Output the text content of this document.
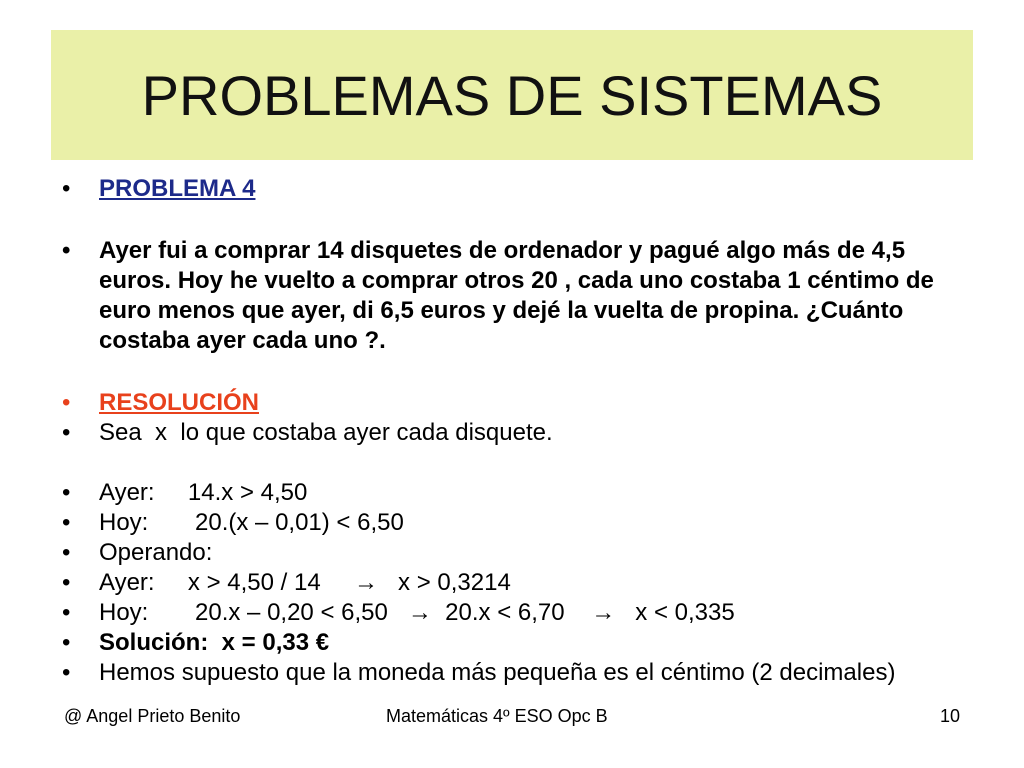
PROBLEMAS DE SISTEMAS
• PROBLEMA 4
• Ayer fui a comprar 14 disquetes de ordenador y pagué algo más de 4,5 euros. Hoy he vuelto a comprar otros 20 , cada uno costaba 1 céntimo de euro menos que ayer, di 6,5 euros y dejé la vuelta de propina. ¿Cuánto costaba ayer cada uno ?.
• RESOLUCIÓN
• Sea  x  lo que costaba ayer cada disquete.
• Ayer:     14.x > 4,50
• Hoy:       20.(x – 0,01) < 6,50
• Operando:
• Ayer:     x > 4,50 / 14     →   x > 0,3214
• Hoy:       20.x – 0,20 < 6,50   →  20.x < 6,70    →   x < 0,335
• Solución:  x = 0,33 €
• Hemos supuesto que la moneda más pequeña es el céntimo (2 decimales)
@ Angel Prieto Benito	Matemáticas 4º ESO Opc B	10
